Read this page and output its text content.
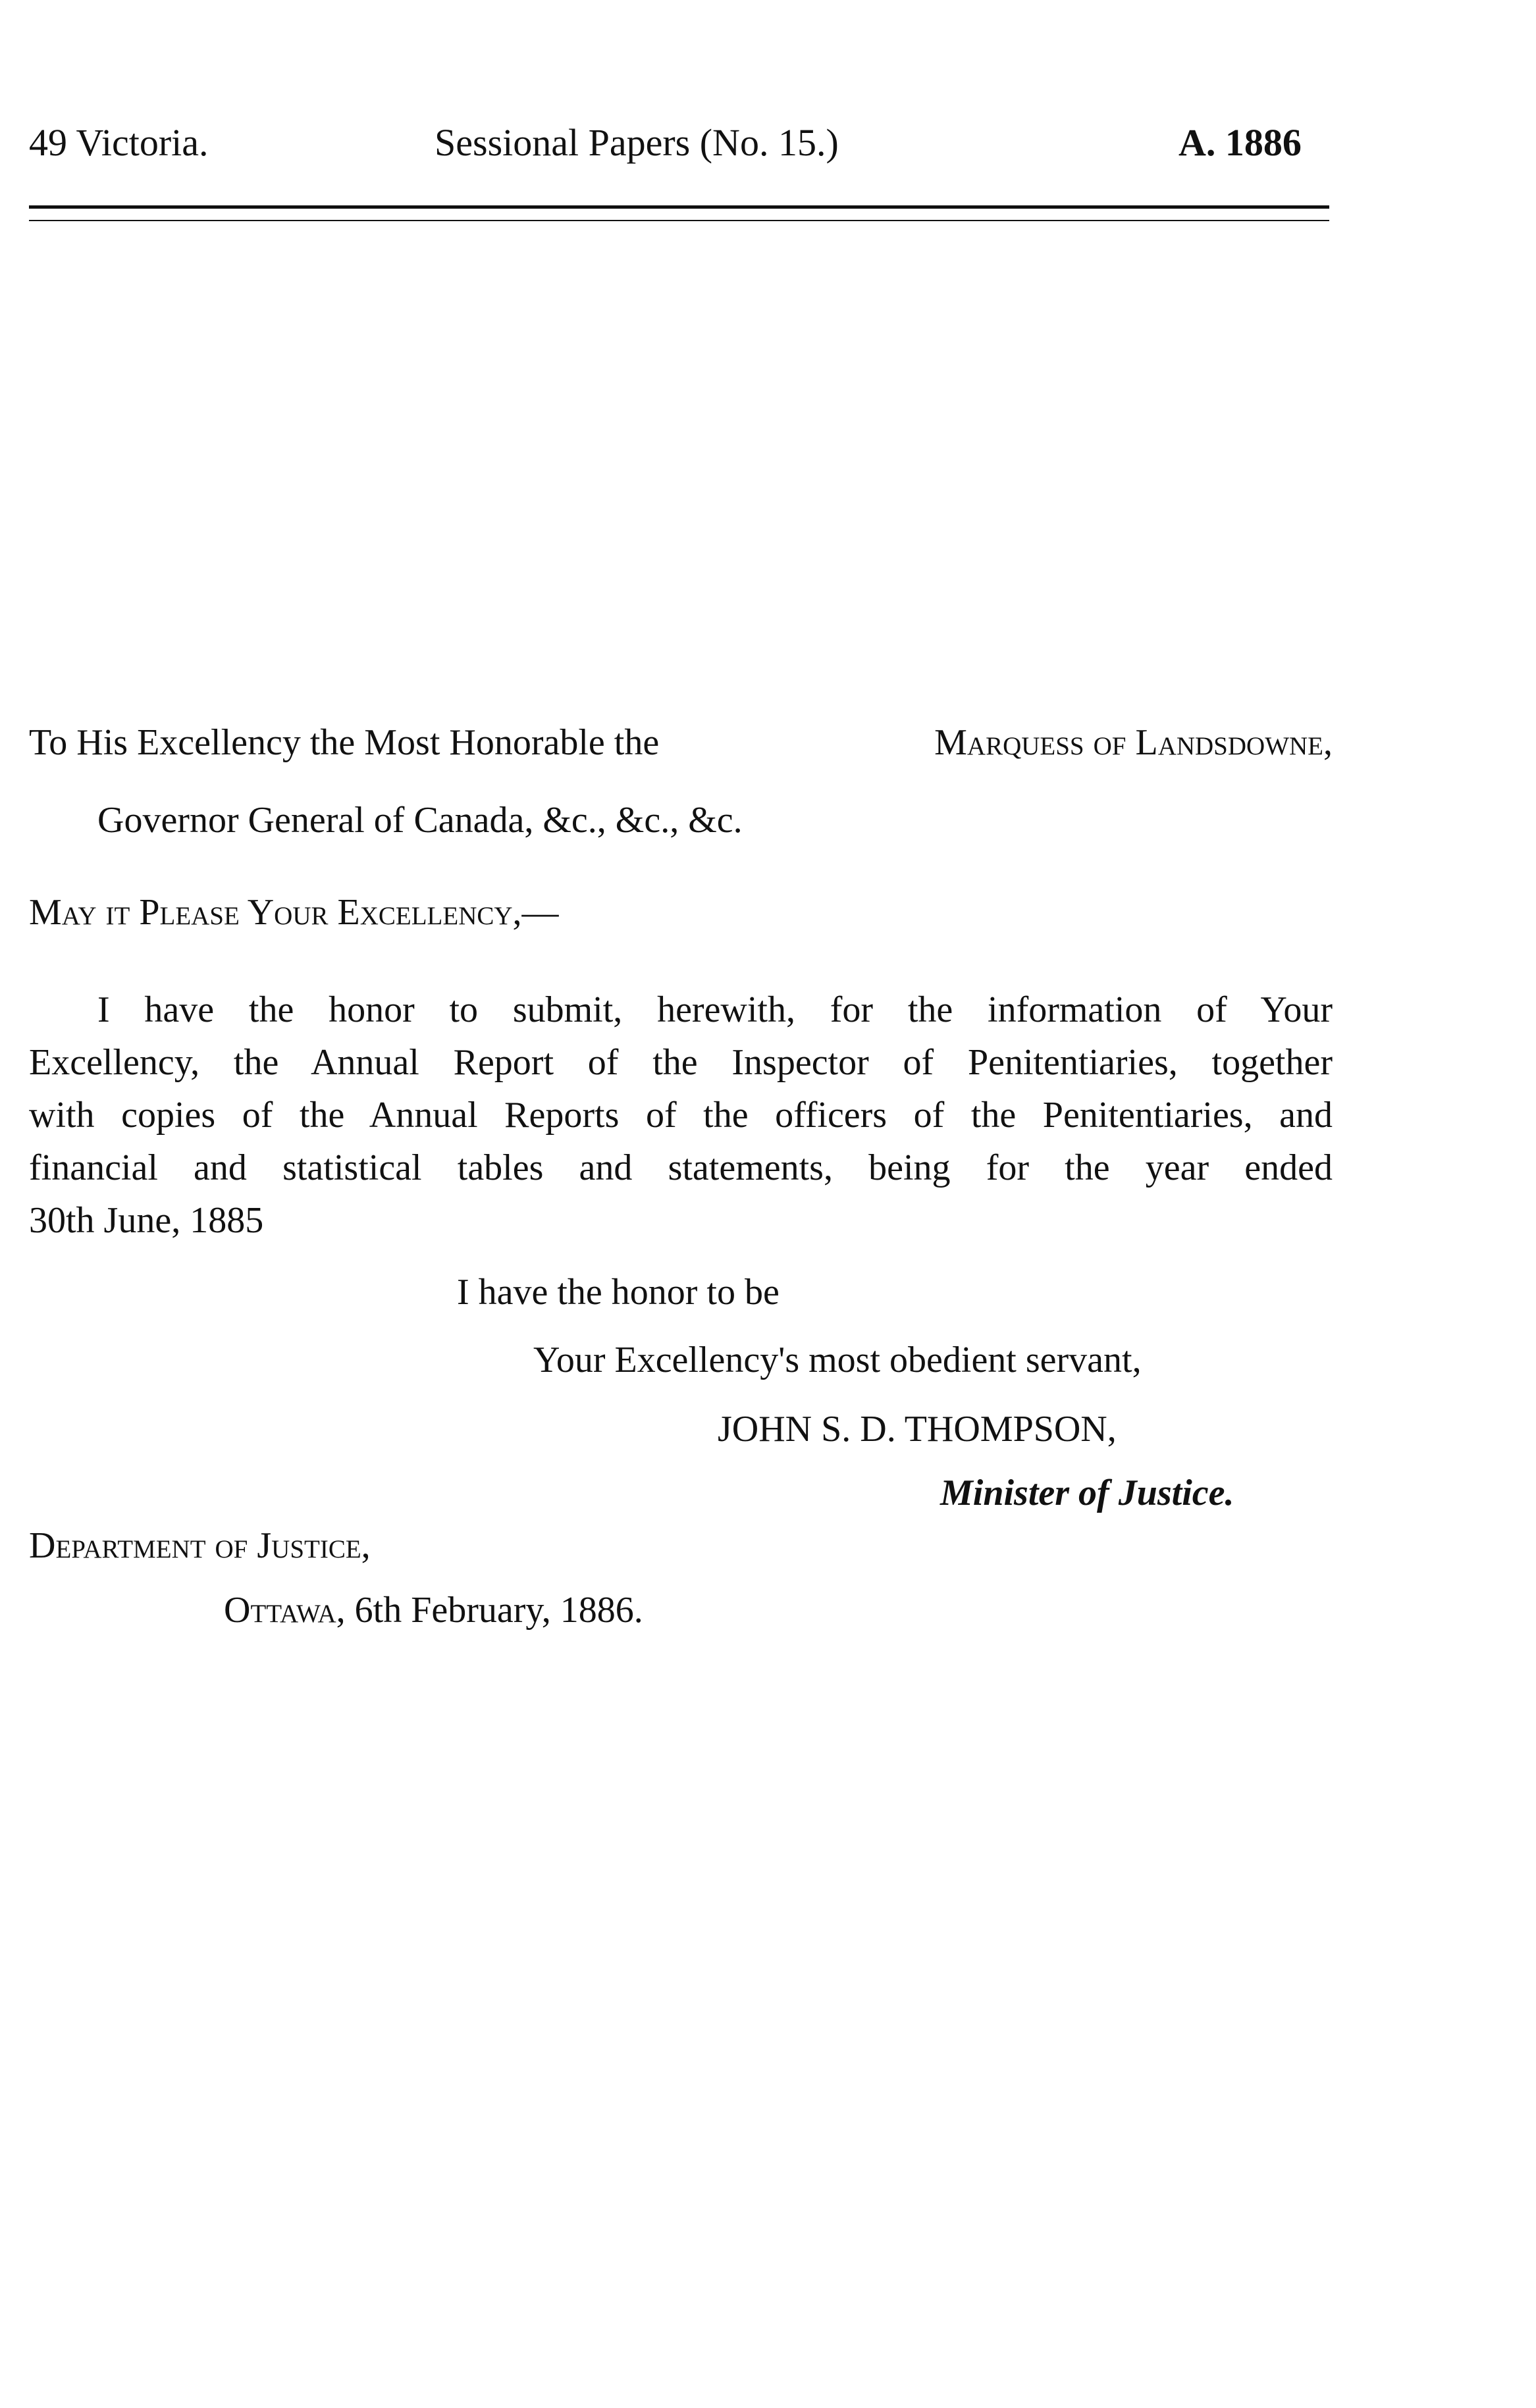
49 Victoria.	Sessional Papers (No. 15.)	A. 1886
To His Excellency the Most Honorable the	Marquess of Landsdowne,
Governor General of Canada, &c., &c., &c.
May it Please Your Excellency,—
I have the honor to submit, herewith, for the information of Your
Excellency, the Annual Report of the Inspector of Penitentiaries, together
with copies of the Annual Reports of the officers of the Penitentiaries, and
financial and statistical tables and statements, being for the year ended
30th June, 1885
I have the honor to be
Your Excellency's most obedient servant,
JOHN S. D. THOMPSON,
Minister of Justice.
Department of Justice,
Ottawa, 6th February, 1886.
